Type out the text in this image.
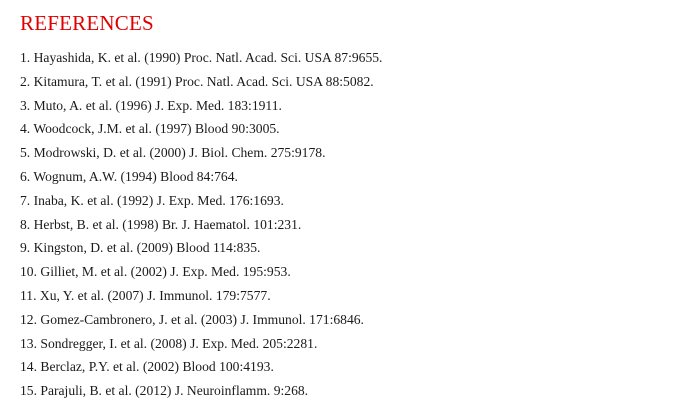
REFERENCES
1. Hayashida, K. et al. (1990) Proc. Natl. Acad. Sci. USA 87:9655.
2. Kitamura, T. et al. (1991) Proc. Natl. Acad. Sci. USA 88:5082.
3. Muto, A. et al. (1996) J. Exp. Med. 183:1911.
4. Woodcock, J.M. et al. (1997) Blood 90:3005.
5. Modrowski, D. et al. (2000) J. Biol. Chem. 275:9178.
6. Wognum, A.W. (1994) Blood 84:764.
7. Inaba, K. et al. (1992) J. Exp. Med. 176:1693.
8. Herbst, B. et al. (1998) Br. J. Haematol. 101:231.
9. Kingston, D. et al. (2009) Blood 114:835.
10. Gilliet, M. et al. (2002) J. Exp. Med. 195:953.
11. Xu, Y. et al. (2007) J. Immunol. 179:7577.
12. Gomez-Cambronero, J. et al. (2003) J. Immunol. 171:6846.
13. Sondregger, I. et al. (2008) J. Exp. Med. 205:2281.
14. Berclaz, P.Y. et al. (2002) Blood 100:4193.
15. Parajuli, B. et al. (2012) J. Neuroinflamm. 9:268.
